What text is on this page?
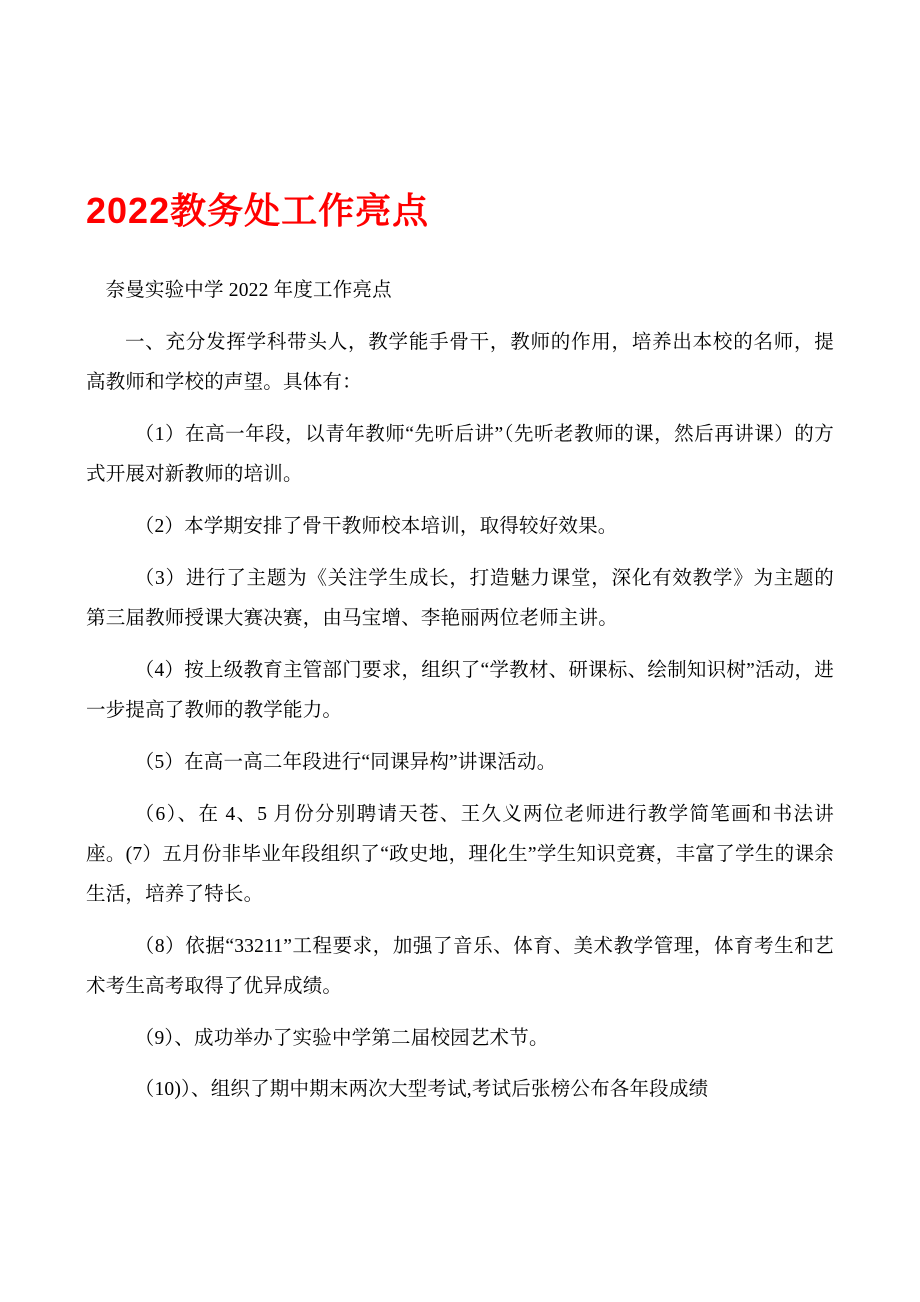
2022教务处工作亮点

奈曼实验中学 2022 年度工作亮点

一、充分发挥学科带头人，教学能手骨干，教师的作用，培养出本校的名师，提高教师和学校的声望。具体有：

（1）在高一年段，以青年教师“先听后讲”（先听老教师的课，然后再讲课）的方式开展对新教师的培训。

（2）本学期安排了骨干教师校本培训，取得较好效果。

（3）进行了主题为《关注学生成长，打造魅力课堂，深化有效教学》为主题的第三届教师授课大赛决赛，由马宝增、李艳丽两位老师主讲。

（4）按上级教育主管部门要求，组织了“学教材、研课标、绘制知识树”活动，进一步提高了教师的教学能力。

（5）在高一高二年段进行“同课异构”讲课活动。

（6）、在 4、5 月份分别聘请天苍、王久义两位老师进行教学简笔画和书法讲座。(7）五月份非毕业年段组织了“政史地，理化生”学生知识竞赛，丰富了学生的课余生活，培养了特长。

（8）依据“33211”工程要求，加强了音乐、体育、美术教学管理，体育考生和艺术考生高考取得了优异成绩。

（9）、成功举办了实验中学第二届校园艺术节。

（10)）、组织了期中期末两次大型考试,考试后张榜公布各年段成绩
